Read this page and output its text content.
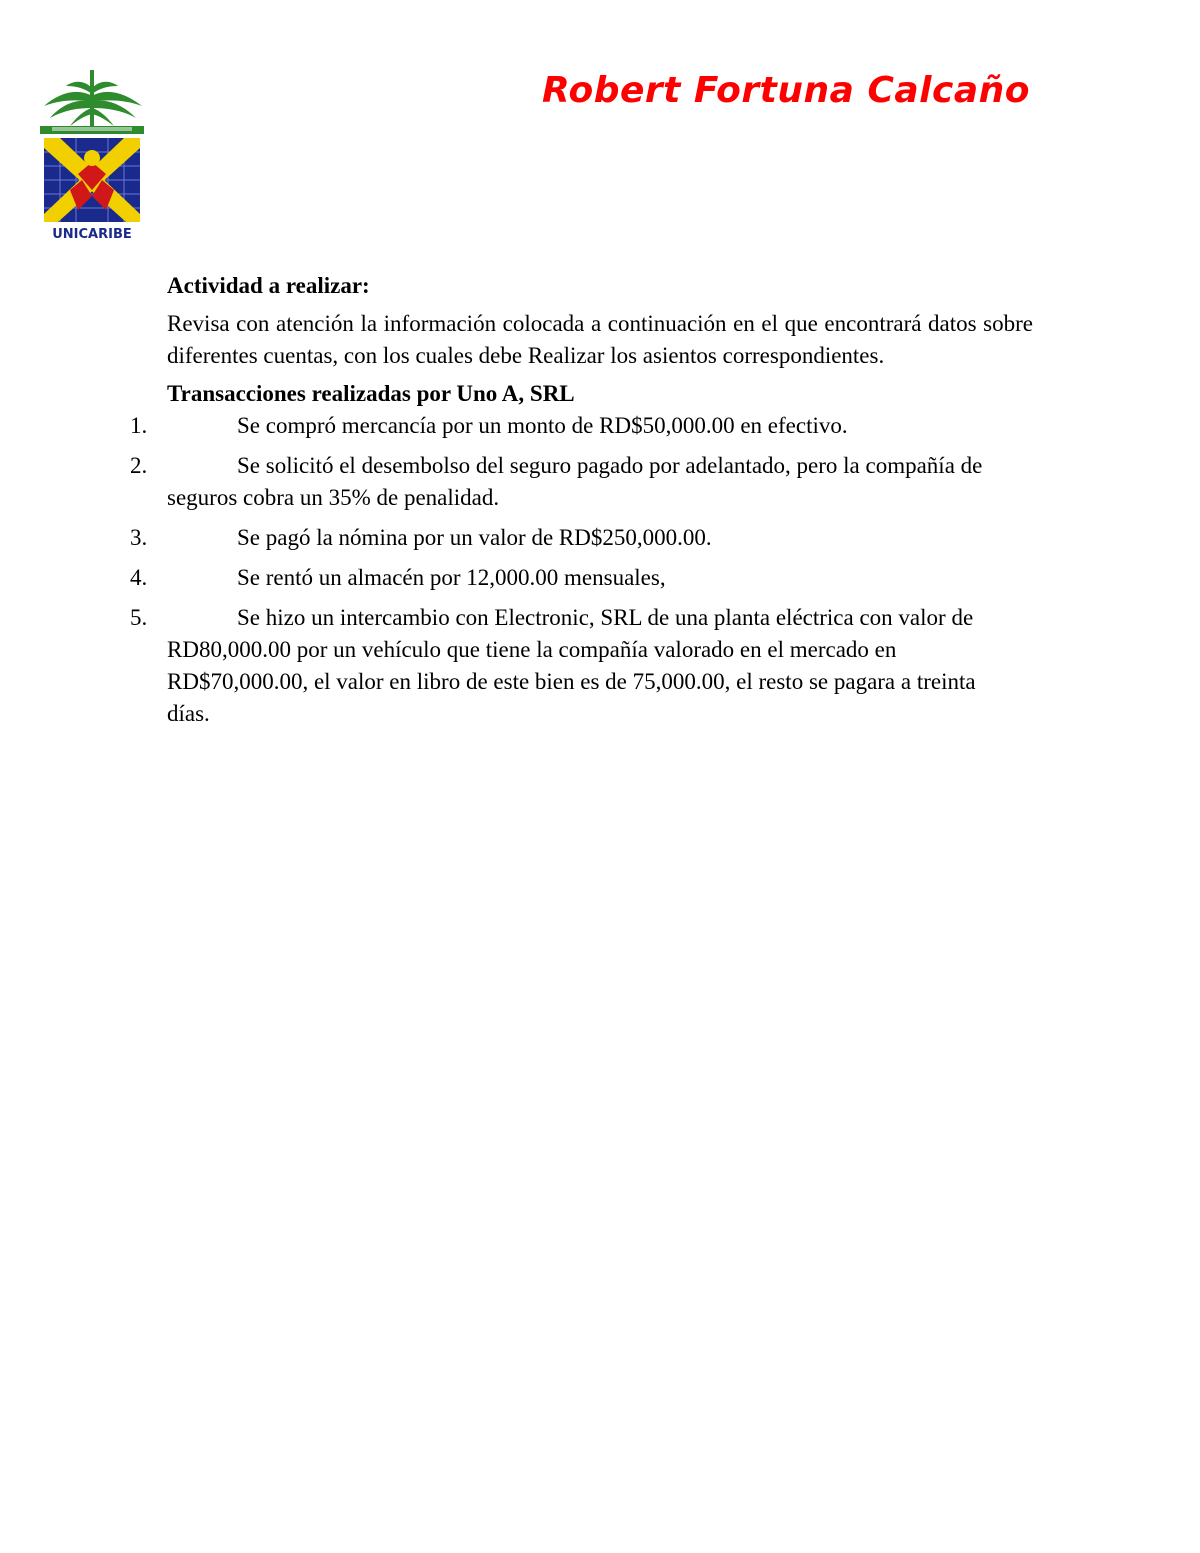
UNICARIBE
Robert Fortuna Calcaño

Actividad a realizar:

Revisa con atención la información colocada a continuación en el que encontrará datos sobre diferentes cuentas, con los cuales debe Realizar los asientos correspondientes.

Transacciones realizadas por Uno A, SRL

1.	Se compró mercancía por un monto de RD$50,000.00 en efectivo.
2.	Se solicitó el desembolso del seguro pagado por adelantado, pero la compañía de seguros cobra un 35% de penalidad.
3.	Se pagó la nómina por un valor de RD$250,000.00.
4.	Se rentó un almacén por 12,000.00 mensuales,
5.	Se hizo un intercambio con Electronic, SRL de una planta eléctrica con valor de RD80,000.00 por un vehículo que tiene la compañía valorado en el mercado en RD$70,000.00, el valor en libro de este bien es de 75,000.00, el resto se pagara a treinta días.
